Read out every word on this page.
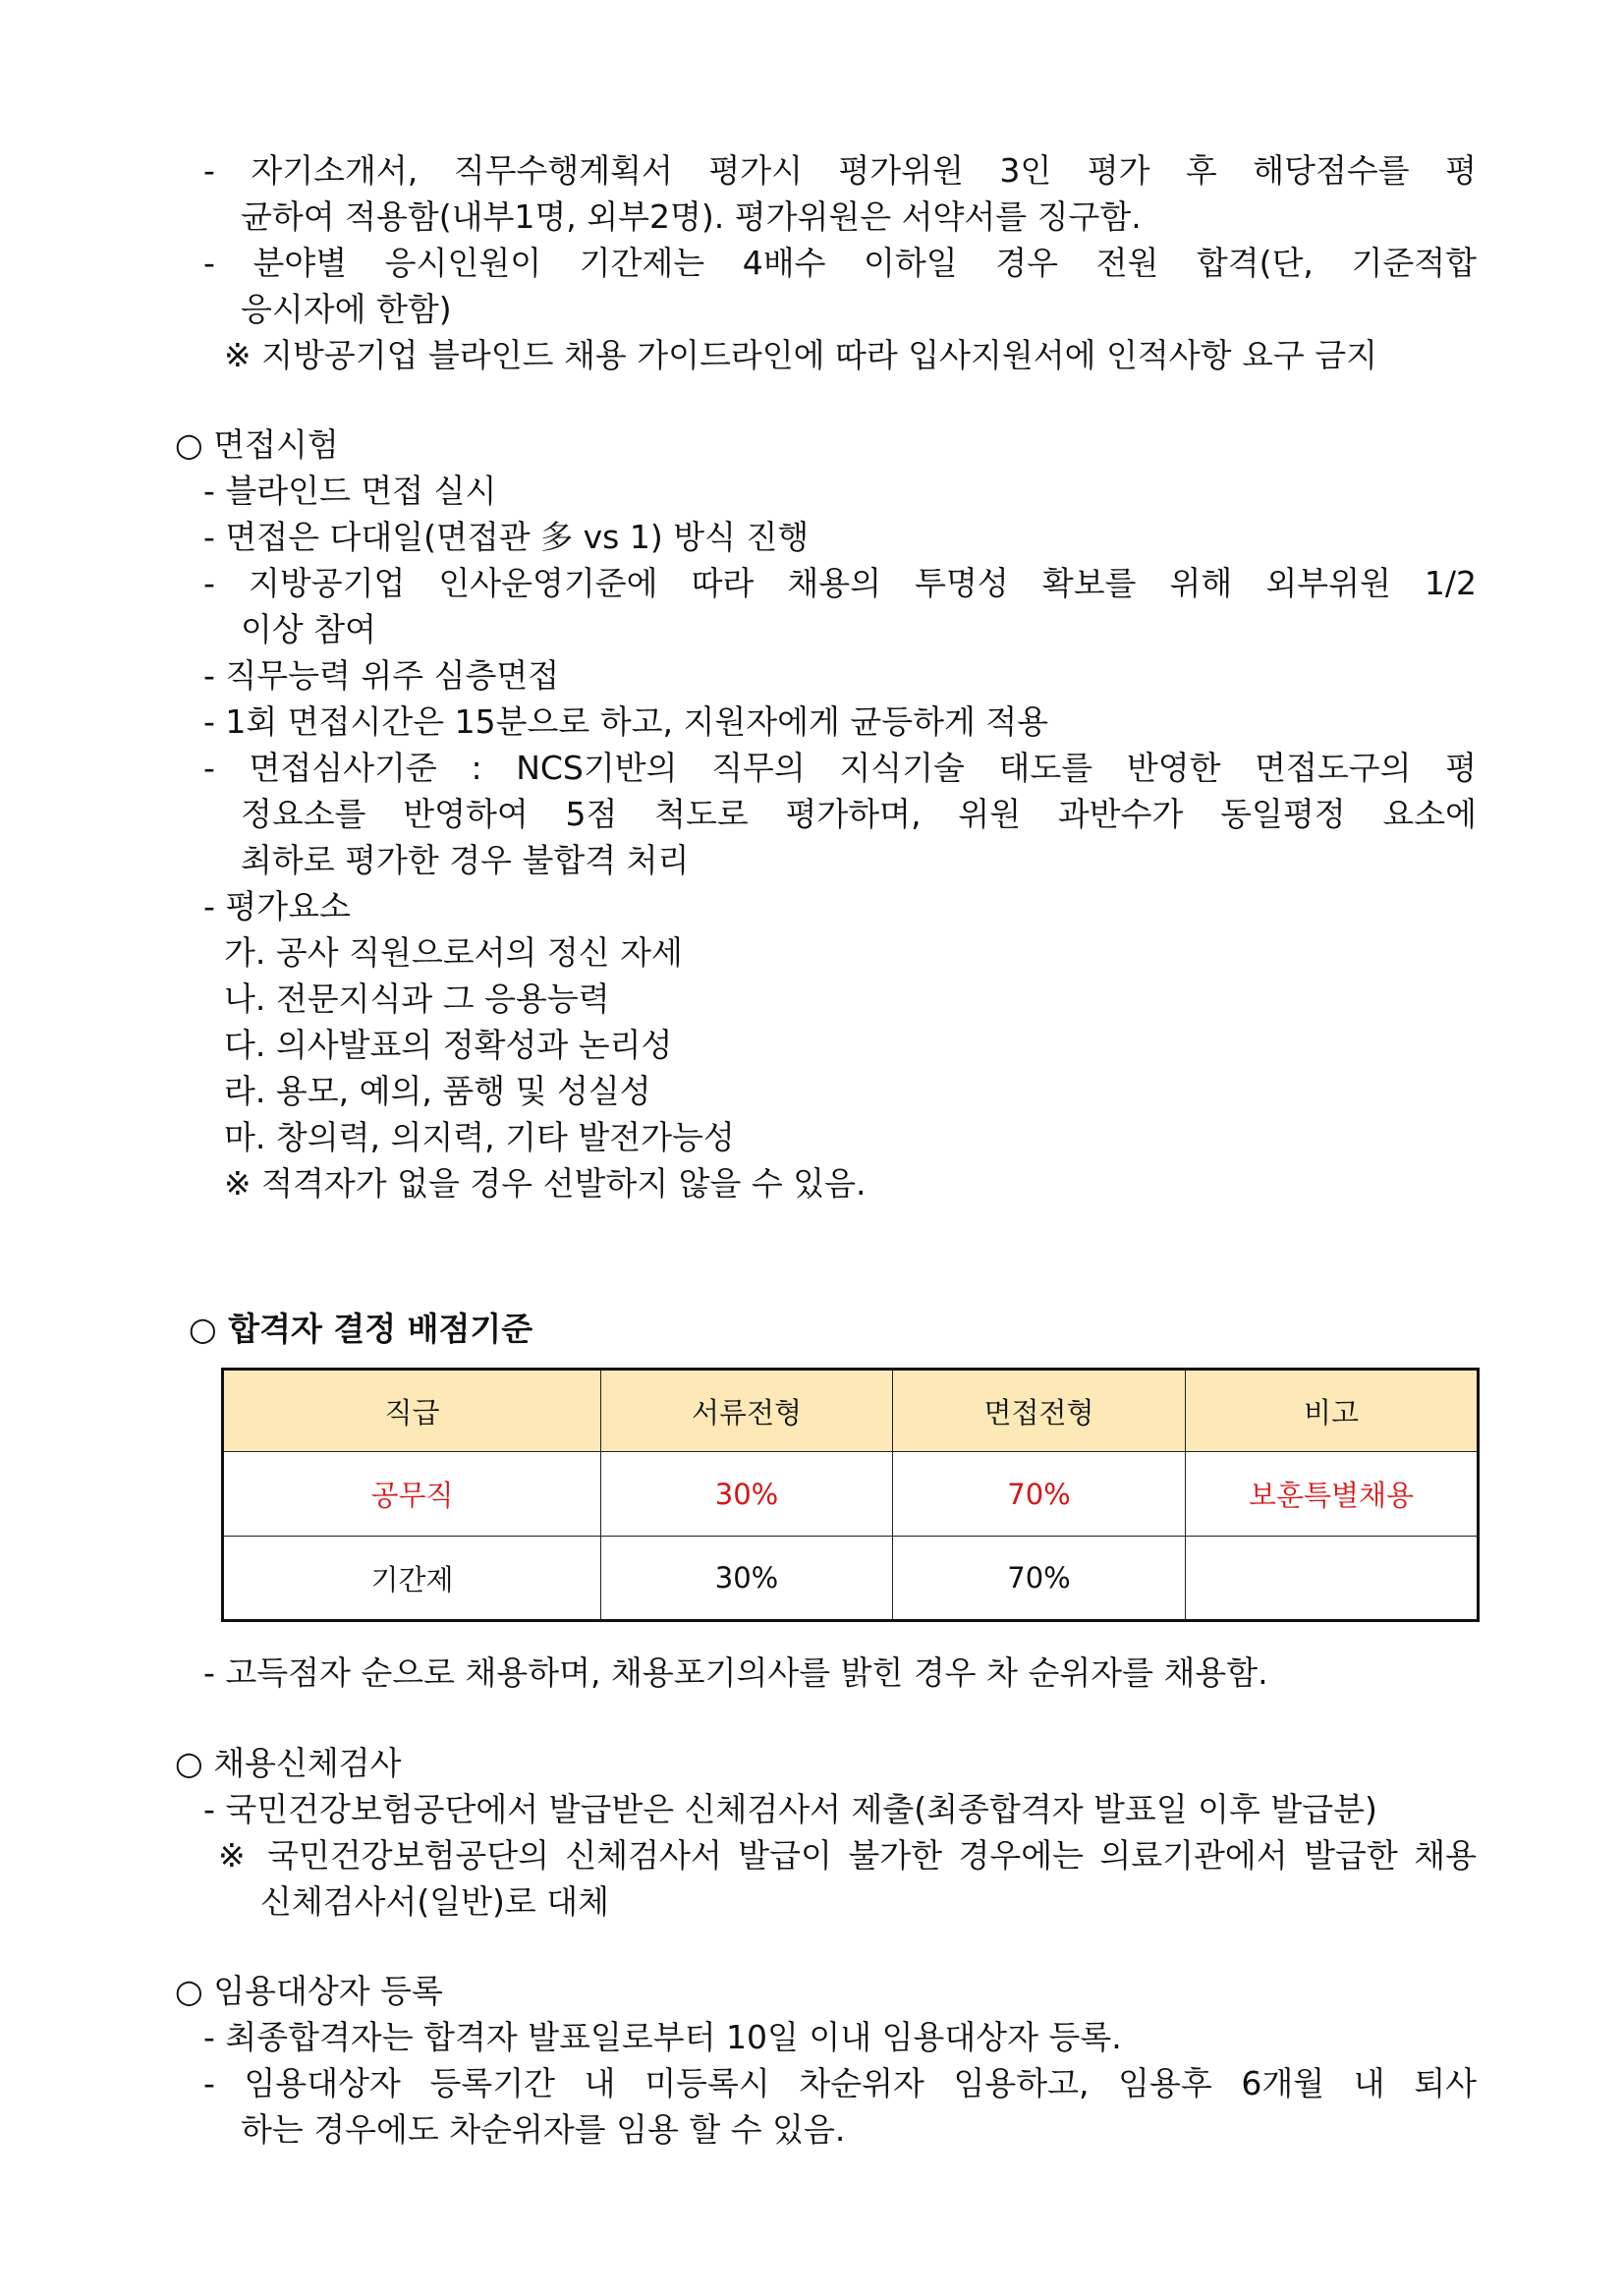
- 자기소개서, 직무수행계획서 평가시 평가위원 3인 평가 후 해당점수를 평
균하여 적용함(내부1명, 외부2명). 평가위원은 서약서를 징구함.
- 분야별 응시인원이 기간제는 4배수 이하일 경우 전원 합격(단, 기준적합
응시자에 한함)
※ 지방공기업 블라인드 채용 가이드라인에 따라 입사지원서에 인적사항 요구 금지
○ 면접시험
- 블라인드 면접 실시
- 면접은 다대일(면접관 多 vs 1) 방식 진행
- 지방공기업 인사운영기준에 따라 채용의 투명성 확보를 위해 외부위원 1/2
이상 참여
- 직무능력 위주 심층면접
- 1회 면접시간은 15분으로 하고, 지원자에게 균등하게 적용
- 면접심사기준 : NCS기반의 직무의 지식기술 태도를 반영한 면접도구의 평
정요소를 반영하여 5점 척도로 평가하며, 위원 과반수가 동일평정 요소에
최하로 평가한 경우 불합격 처리
- 평가요소
가. 공사 직원으로서의 정신 자세
나. 전문지식과 그 응용능력
다. 의사발표의 정확성과 논리성
라. 용모, 예의, 품행 및 성실성
마. 창의력, 의지력, 기타 발전가능성
※ 적격자가 없을 경우 선발하지 않을 수 있음.
○ 합격자 결정 배점기준
직급	서류전형	면접전형	비고
공무직	30%	70%	보훈특별채용
기간제	30%	70%	
- 고득점자 순으로 채용하며, 채용포기의사를 밝힌 경우 차 순위자를 채용함.
○ 채용신체검사
- 국민건강보험공단에서 발급받은 신체검사서 제출(최종합격자 발표일 이후 발급분)
※ 국민건강보험공단의 신체검사서 발급이 불가한 경우에는 의료기관에서 발급한 채용
신체검사서(일반)로 대체
○ 임용대상자 등록
- 최종합격자는 합격자 발표일로부터 10일 이내 임용대상자 등록.
- 임용대상자 등록기간 내 미등록시 차순위자 임용하고, 임용후 6개월 내 퇴사
하는 경우에도 차순위자를 임용 할 수 있음.
